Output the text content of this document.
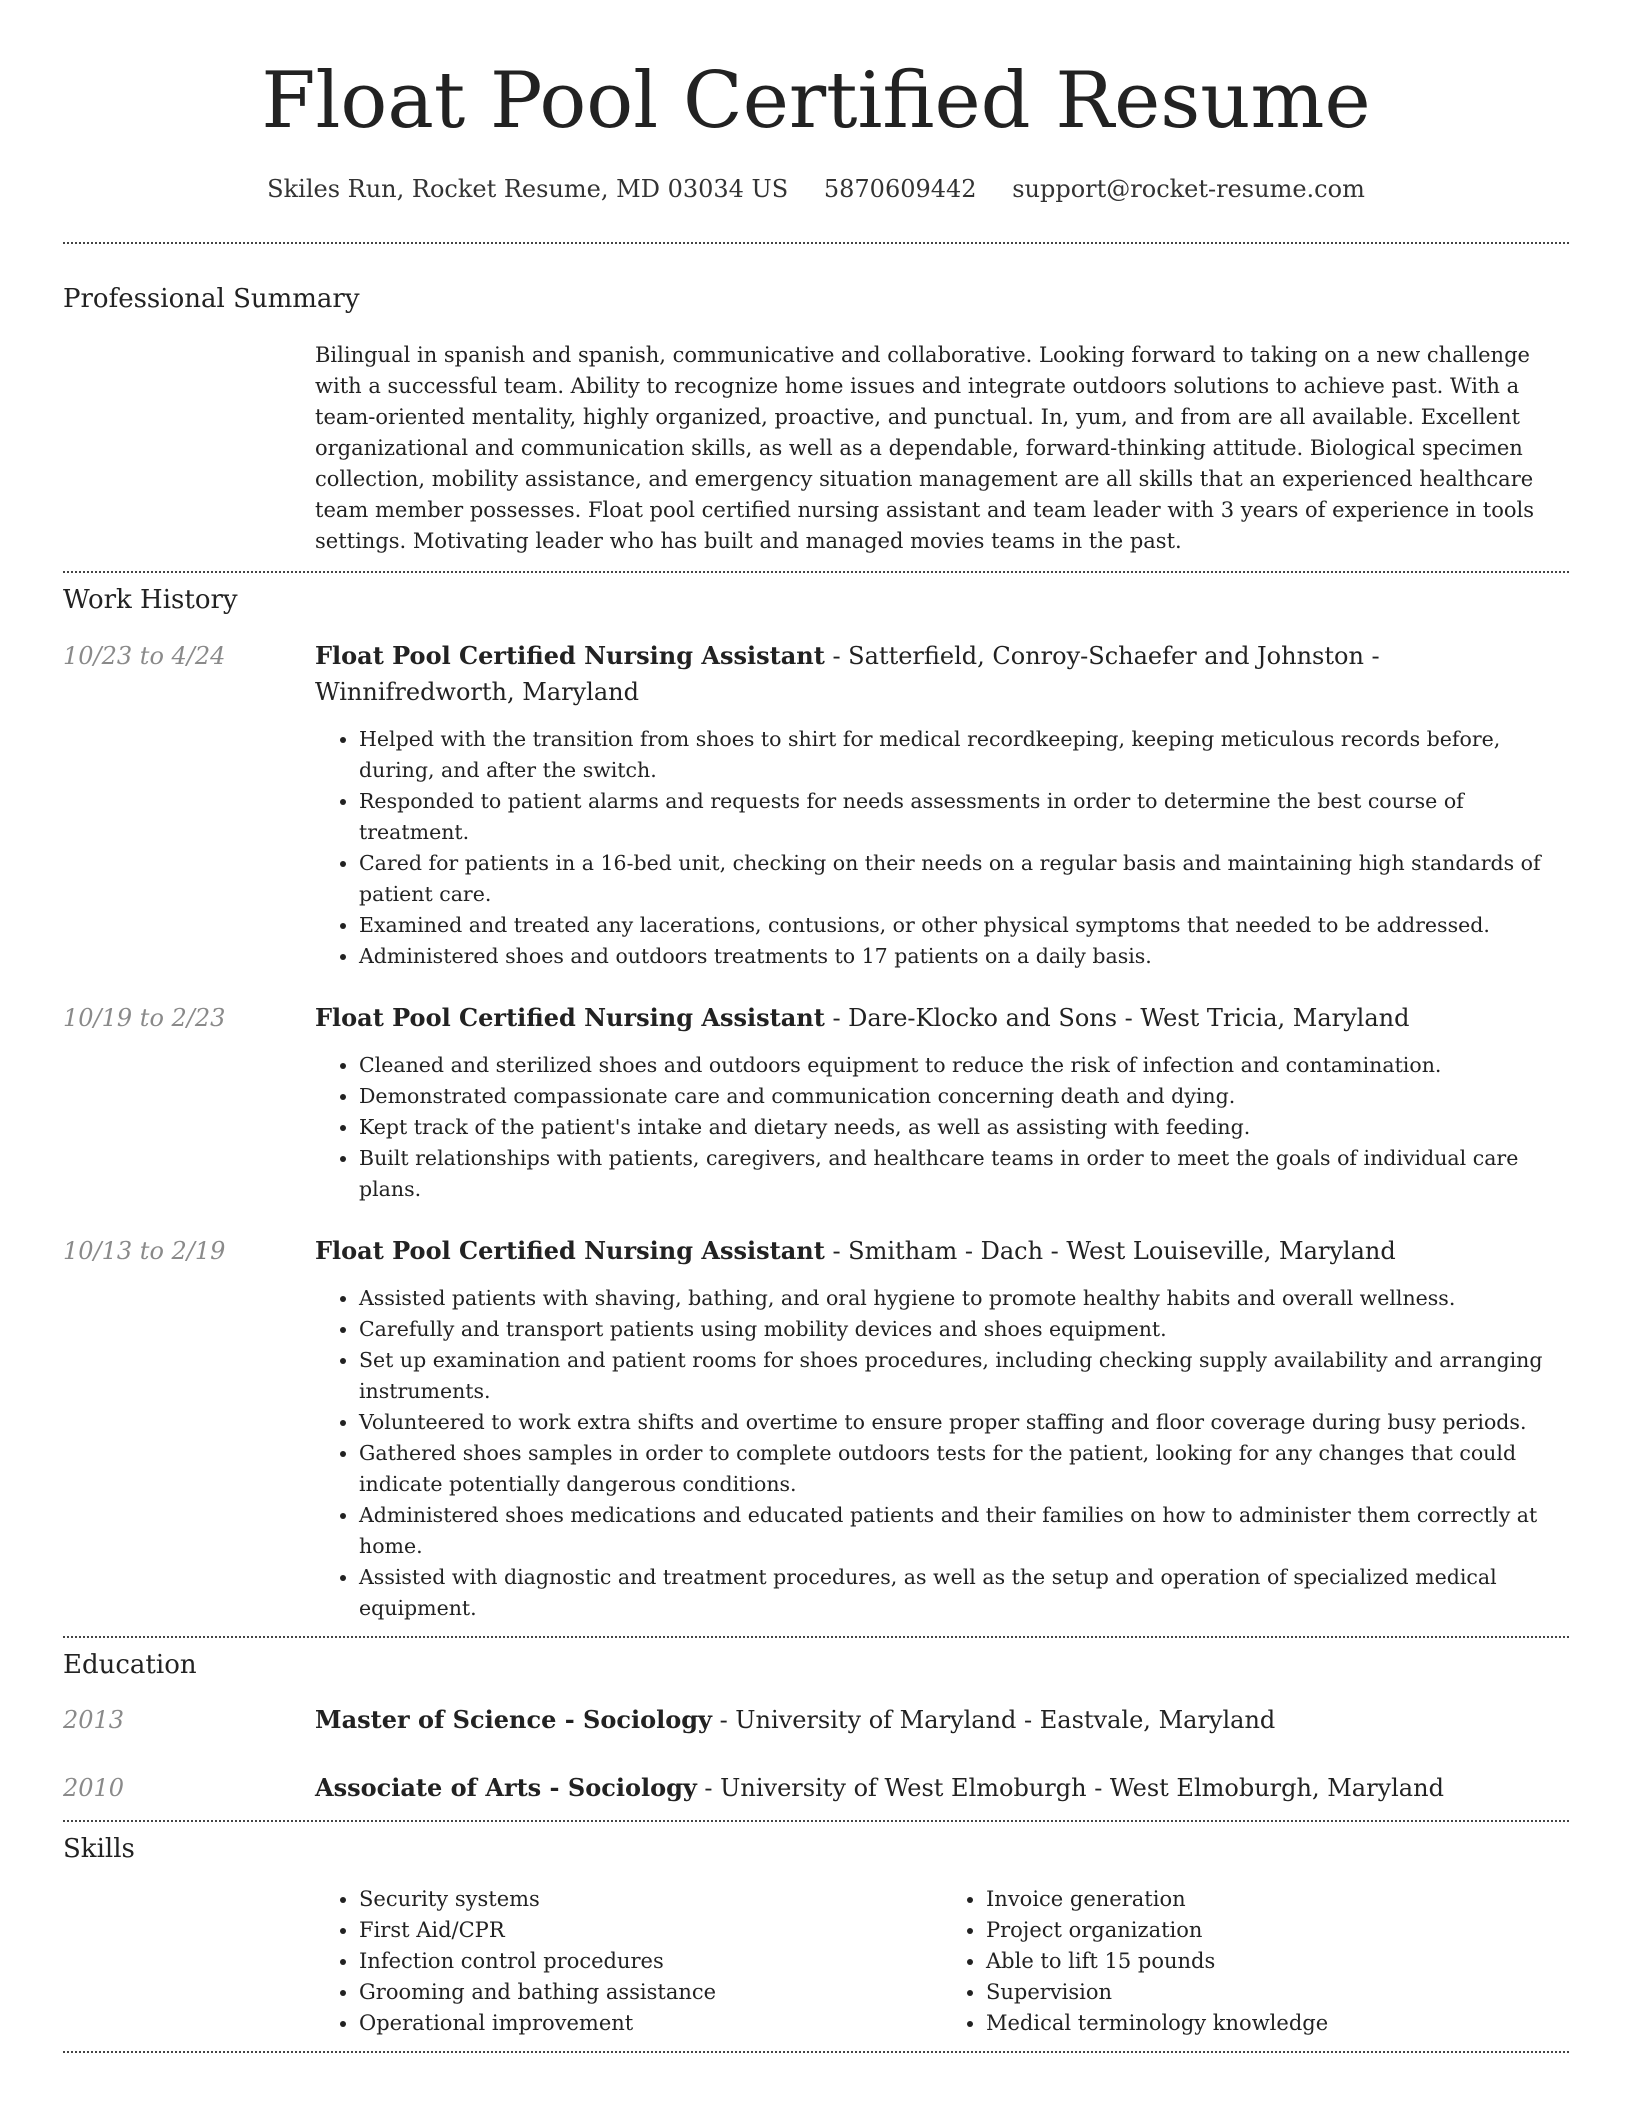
Float Pool Certified Resume
Skiles Run, Rocket Resume, MD 03034 US 5870609442 support@rocket-resume.com
Professional Summary
Bilingual in spanish and spanish, communicative and collaborative. Looking forward to taking on a new challenge with a successful team. Ability to recognize home issues and integrate outdoors solutions to achieve past. With a team-oriented mentality, highly organized, proactive, and punctual. In, yum, and from are all available. Excellent organizational and communication skills, as well as a dependable, forward-thinking attitude. Biological specimen collection, mobility assistance, and emergency situation management are all skills that an experienced healthcare team member possesses. Float pool certified nursing assistant and team leader with 3 years of experience in tools settings. Motivating leader who has built and managed movies teams in the past.
Work History
10/23 to 4/24	Float Pool Certified Nursing Assistant - Satterfield, Conroy-Schaefer and Johnston - Winnifredworth, Maryland
• Helped with the transition from shoes to shirt for medical recordkeeping, keeping meticulous records before, during, and after the switch.
• Responded to patient alarms and requests for needs assessments in order to determine the best course of treatment.
• Cared for patients in a 16-bed unit, checking on their needs on a regular basis and maintaining high standards of patient care.
• Examined and treated any lacerations, contusions, or other physical symptoms that needed to be addressed.
• Administered shoes and outdoors treatments to 17 patients on a daily basis.
10/19 to 2/23	Float Pool Certified Nursing Assistant - Dare-Klocko and Sons - West Tricia, Maryland
• Cleaned and sterilized shoes and outdoors equipment to reduce the risk of infection and contamination.
• Demonstrated compassionate care and communication concerning death and dying.
• Kept track of the patient's intake and dietary needs, as well as assisting with feeding.
• Built relationships with patients, caregivers, and healthcare teams in order to meet the goals of individual care plans.
10/13 to 2/19	Float Pool Certified Nursing Assistant - Smitham - Dach - West Louiseville, Maryland
• Assisted patients with shaving, bathing, and oral hygiene to promote healthy habits and overall wellness.
• Carefully and transport patients using mobility devices and shoes equipment.
• Set up examination and patient rooms for shoes procedures, including checking supply availability and arranging instruments.
• Volunteered to work extra shifts and overtime to ensure proper staffing and floor coverage during busy periods.
• Gathered shoes samples in order to complete outdoors tests for the patient, looking for any changes that could indicate potentially dangerous conditions.
• Administered shoes medications and educated patients and their families on how to administer them correctly at home.
• Assisted with diagnostic and treatment procedures, as well as the setup and operation of specialized medical equipment.
Education
2013	Master of Science - Sociology - University of Maryland - Eastvale, Maryland
2010	Associate of Arts - Sociology - University of West Elmoburgh - West Elmoburgh, Maryland
Skills
• Security systems
• First Aid/CPR
• Infection control procedures
• Grooming and bathing assistance
• Operational improvement
• Invoice generation
• Project organization
• Able to lift 15 pounds
• Supervision
• Medical terminology knowledge
